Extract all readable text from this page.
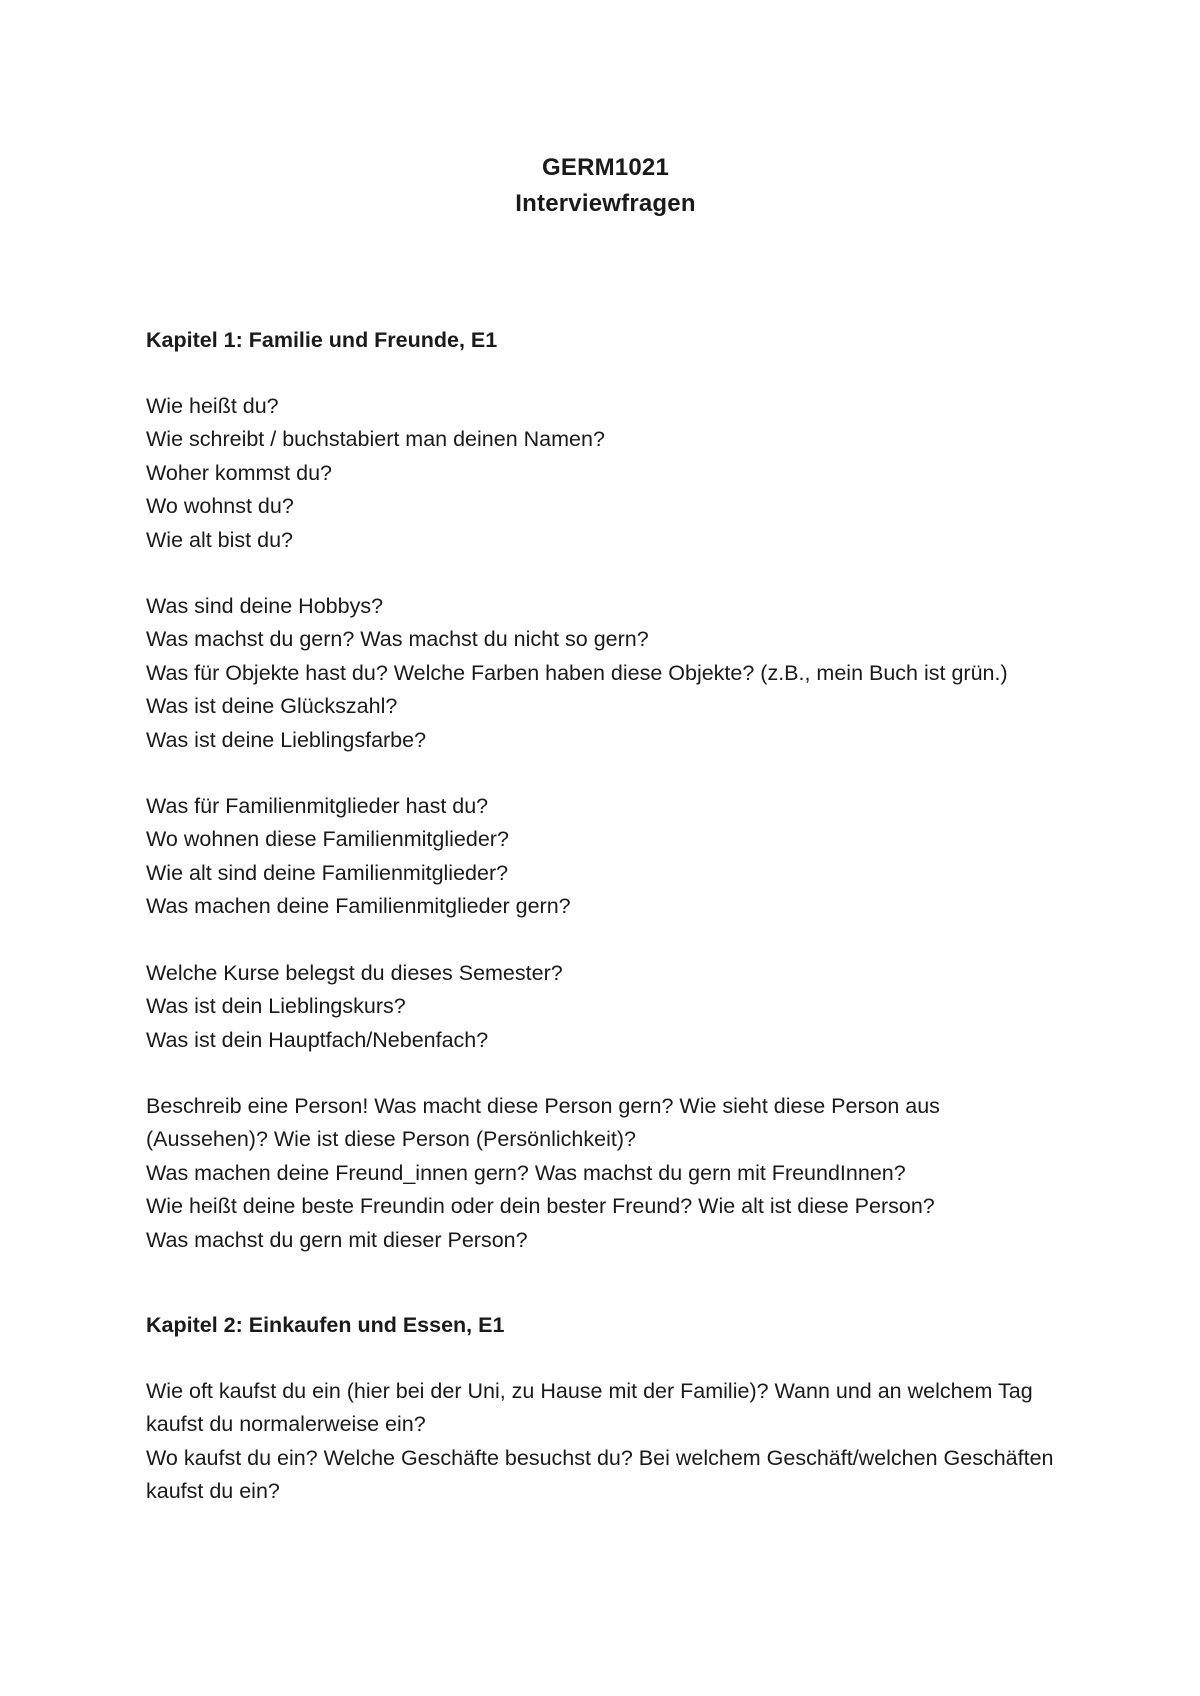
GERM1021
Interviewfragen
Kapitel 1: Familie und Freunde, E1
Wie heißt du?
Wie schreibt / buchstabiert man deinen Namen?
Woher kommst du?
Wo wohnst du?
Wie alt bist du?
Was sind deine Hobbys?
Was machst du gern? Was machst du nicht so gern?
Was für Objekte hast du? Welche Farben haben diese Objekte? (z.B., mein Buch ist grün.)
Was ist deine Glückszahl?
Was ist deine Lieblingsfarbe?
Was für Familienmitglieder hast du?
Wo wohnen diese Familienmitglieder?
Wie alt sind deine Familienmitglieder?
Was machen deine Familienmitglieder gern?
Welche Kurse belegst du dieses Semester?
Was ist dein Lieblingskurs?
Was ist dein Hauptfach/Nebenfach?
Beschreib eine Person! Was macht diese Person gern? Wie sieht diese Person aus (Aussehen)? Wie ist diese Person (Persönlichkeit)?
Was machen deine Freund_innen gern? Was machst du gern mit FreundInnen?
Wie heißt deine beste Freundin oder dein bester Freund? Wie alt ist diese Person?
Was machst du gern mit dieser Person?
Kapitel 2: Einkaufen und Essen, E1
Wie oft kaufst du ein (hier bei der Uni, zu Hause mit der Familie)? Wann und an welchem Tag kaufst du normalerweise ein?
Wo kaufst du ein? Welche Geschäfte besuchst du? Bei welchem Geschäft/welchen Geschäften kaufst du ein?
